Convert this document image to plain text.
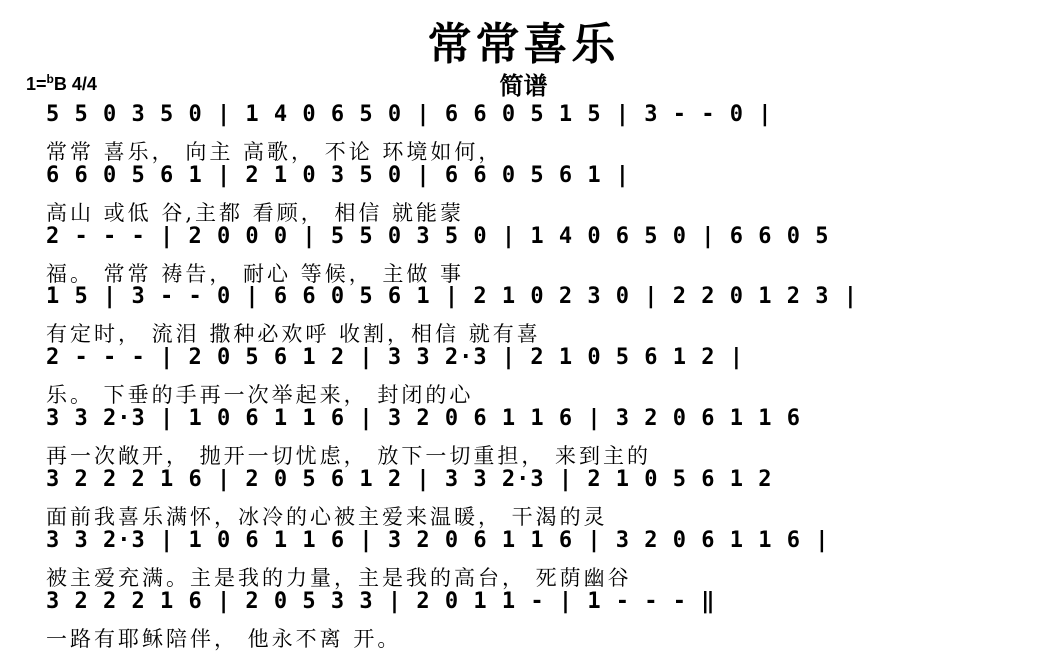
常常喜乐
简谱
1=$^b$B 4/4
5 5 0 3 5 0 | 1 4 0 6 5 0 | 6 6 0 5 1 5 | 3 - - 0 |
常常 喜乐， 向主 高歌， 不论 环境如何，
6 6 0 5 6 1 | 2 1 0 3 5 0 | 6 6 0 5 6 1 |
高山 或低 谷,主都 看顾， 相信 就能蒙
2 - - - | 2 0 0 0 | 5 5 0 3 5 0 | 1 4 0 6 5 0 | 6 6 0 5
福。 常常 祷告， 耐心 等候， 主做 事
1 5 | 3 - - 0 | 6 6 0 5 6 1 | 2 1 0 2 3 0 | 2 2 0 1 2 3 |
有定时， 流泪 撒种必欢呼 收割，相信 就有喜
2 - - - | 2 0 5 6 1 2 | 3 3 2·3 | 2 1 0 5 6 1 2 |
乐。 下垂的手再一次举起来， 封闭的心
3 3 2·3 | 1 0 6 1 1 6 | 3 2 0 6 1 1 6 | 3 2 0 6 1 1 6
再一次敞开， 抛开一切忧虑， 放下一切重担， 来到主的
3 2 2 2 1 6 | 2 0 5 6 1 2 | 3 3 2·3 | 2 1 0 5 6 1 2
面前我喜乐满怀，冰冷的心被主爱来温暖， 干渴的灵
3 3 2·3 | 1 0 6 1 1 6 | 3 2 0 6 1 1 6 | 3 2 0 6 1 1 6 |
被主爱充满。主是我的力量，主是我的高台， 死荫幽谷
3 2 2 2 1 6 | 2 0 5 3 3 | 2 0 1 1 - | 1 - - - ‖
一路有耶稣陪伴， 他永不离 开。
